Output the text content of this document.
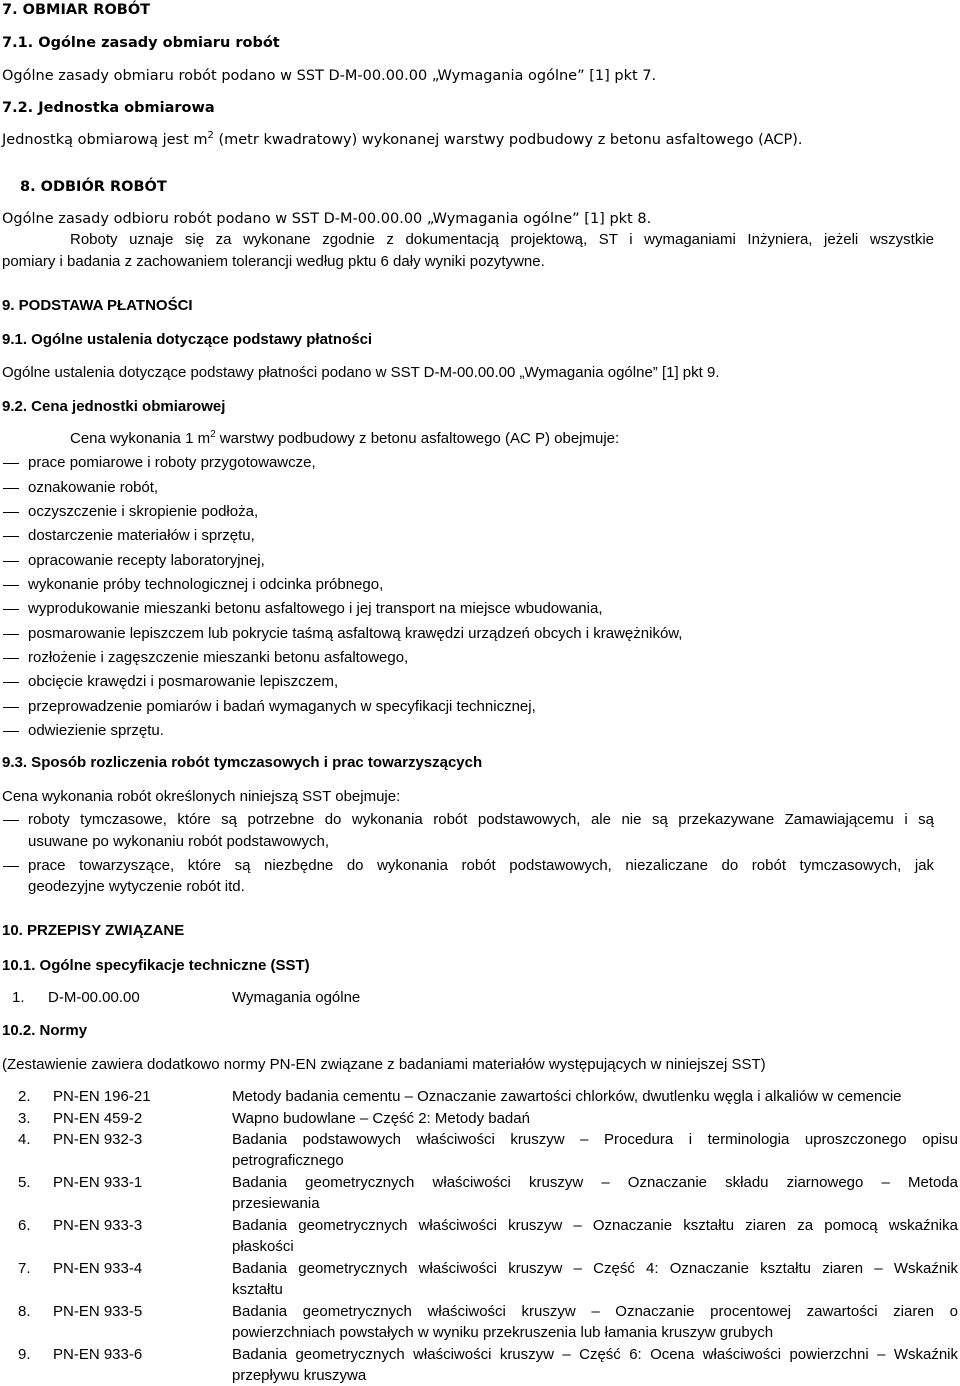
7. OBMIAR ROBÓT
7.1. Ogólne zasady obmiaru robót
Ogólne zasady obmiaru robót podano w SST D-M-00.00.00 „Wymagania ogólne” [1] pkt 7.
7.2. Jednostka obmiarowa
Jednostką obmiarową jest $m^2$ (metr kwadratowy) wykonanej warstwy podbudowy z betonu asfaltowego (ACP).
8. ODBIÓR ROBÓT
Ogólne zasady odbioru robót podano w SST D-M-00.00.00 „Wymagania ogólne” [1] pkt 8.
Roboty uznaje się za wykonane zgodnie z dokumentacją projektową, ST i wymaganiami Inżyniera, jeżeli wszystkie
pomiary i badania z zachowaniem tolerancji według pktu 6 dały wyniki pozytywne.
9. PODSTAWA PŁATNOŚCI
9.1. Ogólne ustalenia dotyczące podstawy płatności
Ogólne ustalenia dotyczące podstawy płatności podano w SST D-M-00.00.00 „Wymagania ogólne” [1] pkt 9.
9.2. Cena jednostki obmiarowej
Cena wykonania 1 $m^2$ warstwy podbudowy z betonu asfaltowego (AC P) obejmuje:
prace pomiarowe i roboty przygotowawcze,
oznakowanie robót,
oczyszczenie i skropienie podłoża,
dostarczenie materiałów i sprzętu,
opracowanie recepty laboratoryjnej,
wykonanie próby technologicznej i odcinka próbnego,
wyprodukowanie mieszanki betonu asfaltowego i jej transport na miejsce wbudowania,
posmarowanie lepiszczem lub pokrycie taśmą asfaltową krawędzi urządzeń obcych i krawężników,
rozłożenie i zagęszczenie mieszanki betonu asfaltowego,
obcięcie krawędzi i posmarowanie lepiszczem,
przeprowadzenie pomiarów i badań wymaganych w specyfikacji technicznej,
odwiezienie sprzętu.
9.3. Sposób rozliczenia robót tymczasowych i prac towarzyszących
Cena wykonania robót określonych niniejszą SST obejmuje:
roboty tymczasowe, które są potrzebne do wykonania robót podstawowych, ale nie są przekazywane Zamawiającemu i są
usuwane po wykonaniu robót podstawowych,
prace towarzyszące, które są niezbędne do wykonania robót podstawowych, niezaliczane do robót tymczasowych, jak
geodezyjne wytyczenie robót itd.
10. PRZEPISY ZWIĄZANE
10.1. Ogólne specyfikacje techniczne (SST)
1. D-M-00.00.00	Wymagania ogólne
10.2. Normy
(Zestawienie zawiera dodatkowo normy PN-EN związane z badaniami materiałów występujących w niniejszej SST)
2. PN-EN 196-21	Metody badania cementu – Oznaczanie zawartości chlorków, dwutlenku węgla i alkaliów w cemencie
3. PN-EN 459-2	Wapno budowlane – Część 2: Metody badań
4. PN-EN 932-3	Badania podstawowych właściwości kruszyw – Procedura i terminologia uproszczonego opisu
petrograficznego
5. PN-EN 933-1	Badania geometrycznych właściwości kruszyw – Oznaczanie składu ziarnowego – Metoda
przesiewania
6. PN-EN 933-3	Badania geometrycznych właściwości kruszyw – Oznaczanie kształtu ziaren za pomocą wskaźnika
płaskości
7. PN-EN 933-4	Badania geometrycznych właściwości kruszyw – Część 4: Oznaczanie kształtu ziaren – Wskaźnik
kształtu
8. PN-EN 933-5	Badania geometrycznych właściwości kruszyw – Oznaczanie procentowej zawartości ziaren o
powierzchniach powstałych w wyniku przekruszenia lub łamania kruszyw grubych
9. PN-EN 933-6	Badania geometrycznych właściwości kruszyw – Część 6: Ocena właściwości powierzchni – Wskaźnik
przepływu kruszywa
